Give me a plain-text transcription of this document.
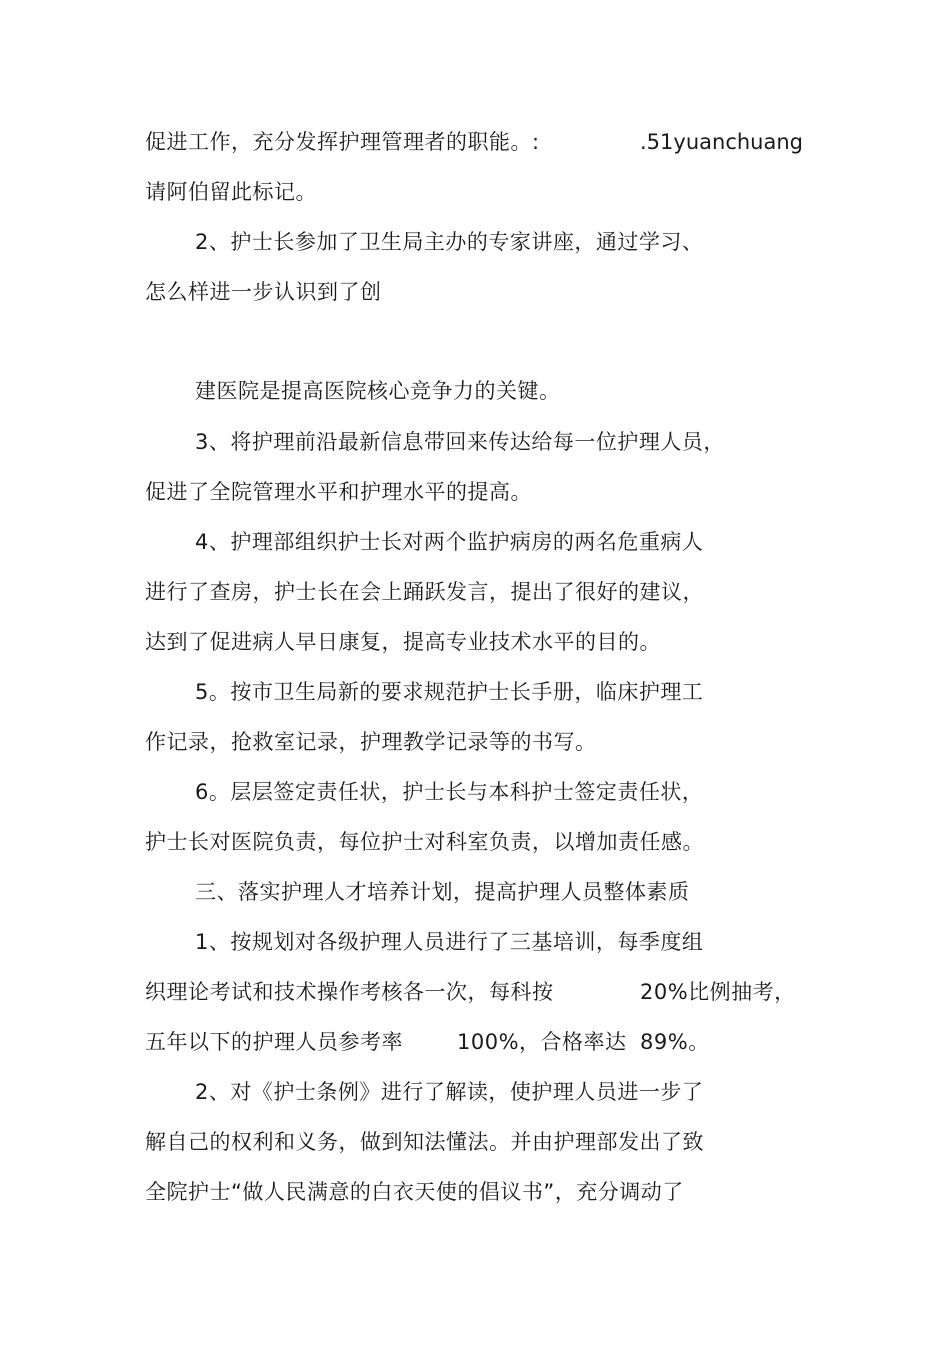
促进工作，充分发挥护理管理者的职能。:	.51yuanchuang
请阿伯留此标记。
2、护士长参加了卫生局主办的专家讲座，通过学习、
怎么样进一步认识到了创
建医院是提高医院核心竞争力的关键。
3、将护理前沿最新信息带回来传达给每一位护理人员，
促进了全院管理水平和护理水平的提高。
4、护理部组织护士长对两个监护病房的两名危重病人
进行了查房，护士长在会上踊跃发言，提出了很好的建议，
达到了促进病人早日康复，提高专业技术水平的目的。
5。按市卫生局新的要求规范护士长手册，临床护理工
作记录，抢救室记录，护理教学记录等的书写。
6。层层签定责任状，护士长与本科护士签定责任状，
护士长对医院负责，每位护士对科室负责，以增加责任感。
三、落实护理人才培养计划，提高护理人员整体素质
1、按规划对各级护理人员进行了三基培训，每季度组
织理论考试和技术操作考核各一次，每科按	20%比例抽考，
五年以下的护理人员参考率	100%，合格率达 89%。
2、对《护士条例》进行了解读，使护理人员进一步了
解自己的权利和义务，做到知法懂法。并由护理部发出了致
全院护士“做人民满意的白衣天使的倡议书”，充分调动了
